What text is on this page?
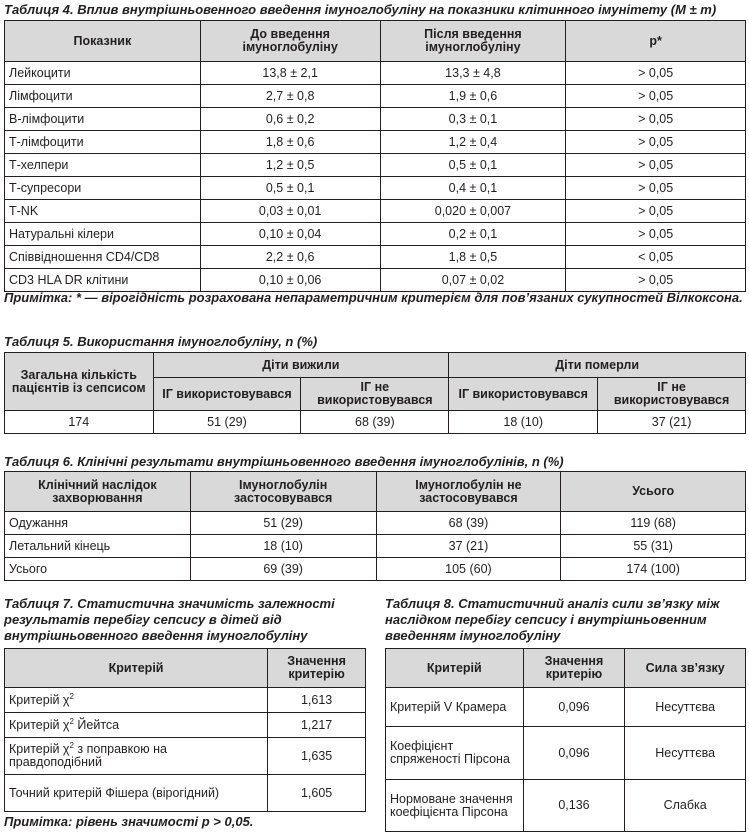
Таблиця 4. Вплив внутрішньовенного введення імуноглобуліну на показники клітинного імунітету (M ± m)
Показник	До введення імуноглобуліну	Після введення імуноглобуліну	p*
Лейкоцити	13,8 ± 2,1	13,3 ± 4,8	> 0,05
Лімфоцити	2,7 ± 0,8	1,9 ± 0,6	> 0,05
В-лімфоцити	0,6 ± 0,2	0,3 ± 0,1	> 0,05
Т-лімфоцити	1,8 ± 0,6	1,2 ± 0,4	> 0,05
Т-хелпери	1,2 ± 0,5	0,5 ± 0,1	> 0,05
Т-супресори	0,5 ± 0,1	0,4 ± 0,1	> 0,05
Т-NK	0,03 ± 0,01	0,020 ± 0,007	> 0,05
Натуральні кілери	0,10 ± 0,04	0,2 ± 0,1	> 0,05
Співвідношення CD4/CD8	2,2 ± 0,6	1,8 ± 0,5	< 0,05
CD3 HLA DR клітини	0,10 ± 0,06	0,07 ± 0,02	> 0,05
Примітка: * — вірогідність розрахована непараметричним критерієм для пов’язаних сукупностей Вілкоксона.
Таблиця 5. Використання імуноглобуліну, n (%)
Загальна кількість пацієнтів із сепсисом	Діти вижили		Діти померли	
	ІГ використовувався	ІГ не використовувався	ІГ використовувався	ІГ не використовувався
174	51 (29)	68 (39)	18 (10)	37 (21)
Таблиця 6. Клінічні результати внутрішньовенного введення імуноглобулінів, n (%)
Клінічний наслідок захворювання	Імуноглобулін застосовувався	Імуноглобулін не застосовувався	Усього
Одужання	51 (29)	68 (39)	119 (68)
Летальний кінець	18 (10)	37 (21)	55 (31)
Усього	69 (39)	105 (60)	174 (100)
Таблиця 7. Статистична значимість залежності результатів перебігу сепсису в дітей від внутрішньовенного введення імуноглобуліну
Критерій	Значення критерію
Критерій $\chi^2$	1,613
Критерій $\chi^2$ Йейтса	1,217
Критерій $\chi^2$ з поправкою на правдоподібний	1,635
Точний критерій Фішера (вірогідний)	1,605
Примітка: рівень значимості p > 0,05.
Таблиця 8. Статистичний аналіз сили зв’язку між наслідком перебігу сепсису і внутрішньовенним введенням імуноглобуліну
Критерій	Значення критерію	Сила зв’язку
Критерій V Крамера	0,096	Несуттєва
Коефіцієнт спряженості Пірсона	0,096	Несуттєва
Нормоване значення коефіцієнта Пірсона	0,136	Слабка
